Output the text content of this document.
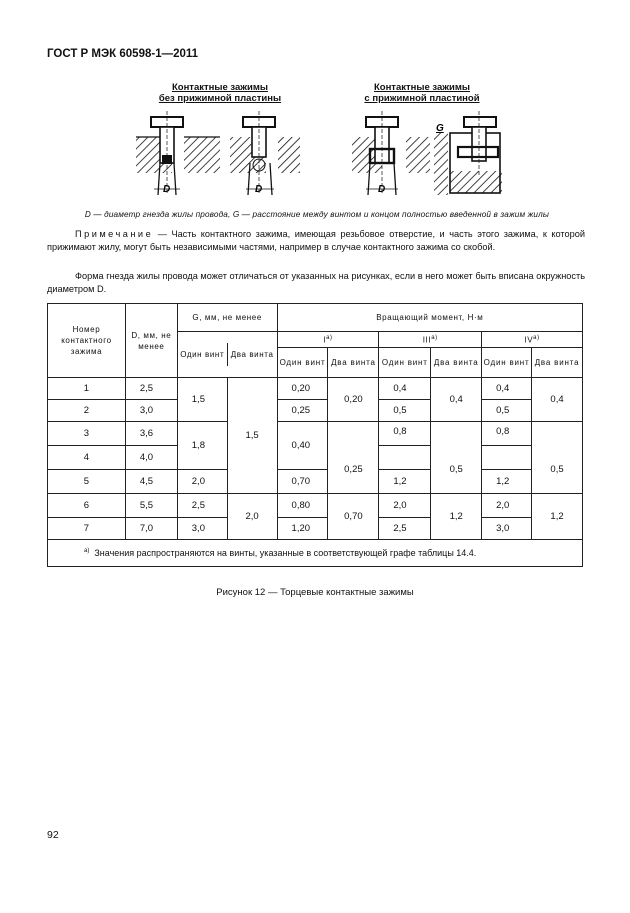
ГОСТ Р МЭК 60598-1—2011
Контактные зажимы
без прижимной пластины
Контактные зажимы
с прижимной пластиной
D	D	D
G
D — диаметр гнезда жилы провода, G — расстояние между винтом и концом полностью введенной в зажим жилы
Примечание — Часть контактного зажима, имеющая резьбовое отверстие, и часть этого зажима, к которой прижимают жилу, могут быть независимыми частями, например в случае контактного зажима со скобой.
Форма гнезда жилы провода может отличаться от указанных на рисунках, если в него может быть вписана окружность диаметром D.
Номер контактного зажима	D, мм, не менее	G, мм, не менее		Вращающий момент, Н·м					

		Один винт Два винта		$I^{а)}$		$III^{а)}$		$IV^{а)}$
				Один винт	Два винта	Один винт	Два винта	Один винт	Два винта
1	2,5	1,5	1,5	0,20	0,20	0,4	0,4	0,4	0,4
2	3,0			0,25		0,5		0,5	
3	3,6	1,8		0,40	0,25	0,8	0,5	0,8	0,5
4	4,0								
5	4,5	2,0		0,70		1,2		1,2	
6	5,5	2,5	2,0	0,80	0,70	2,0	1,2	2,0	1,2
7	7,0	3,0		1,20		2,5		3,0	
$^{а)}$ Значения распространяются на винты, указанные в соответствующей графе таблицы 14.4.									
Рисунок 12 — Торцевые контактные зажимы
92
